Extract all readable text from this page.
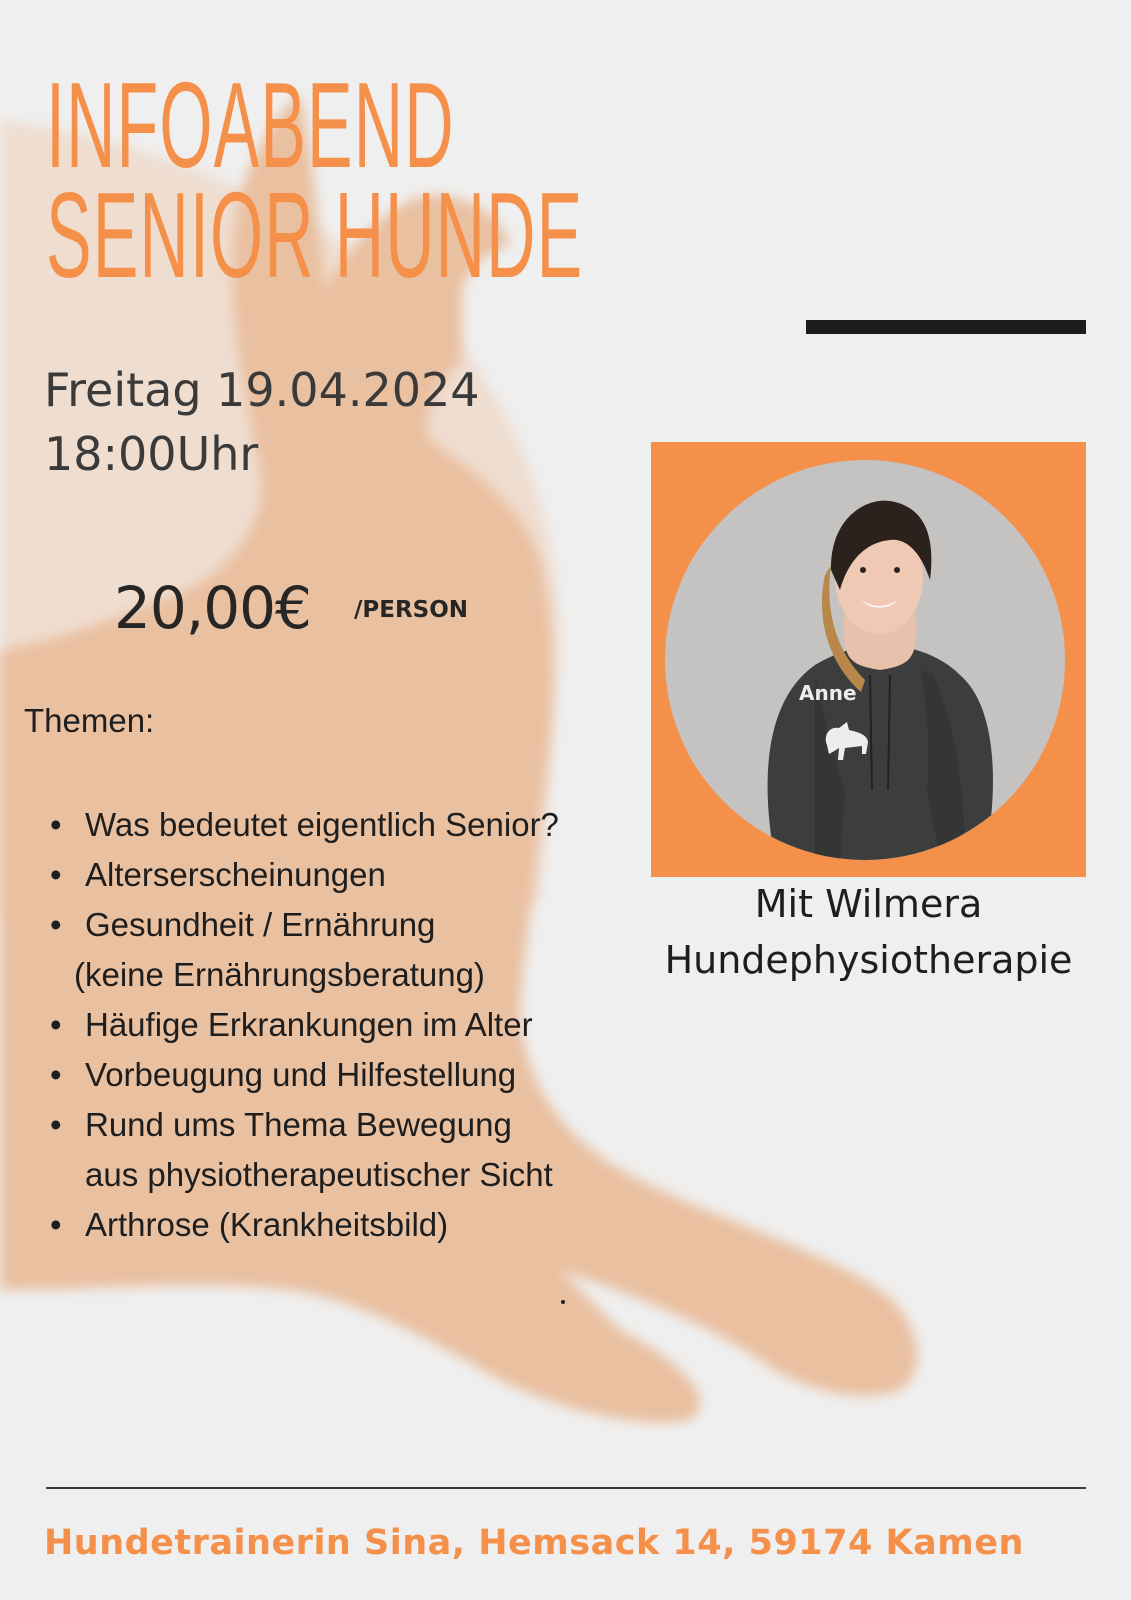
INFOABEND
SENIOR HUNDE
Freitag 19.04.2024
18:00Uhr
20,00€ /PERSON
Themen:
• Was bedeutet eigentlich Senior?
• Alterserscheinungen
• Gesundheit / Ernährung
(keine Ernährungsberatung)
• Häufige Erkrankungen im Alter
• Vorbeugung und Hilfestellung
• Rund ums Thema Bewegung
aus physiotherapeutischer Sicht
• Arthrose (Krankheitsbild)
Anne
Mit Wilmera
Hundephysiotherapie
Hundetrainerin Sina, Hemsack 14, 59174 Kamen
